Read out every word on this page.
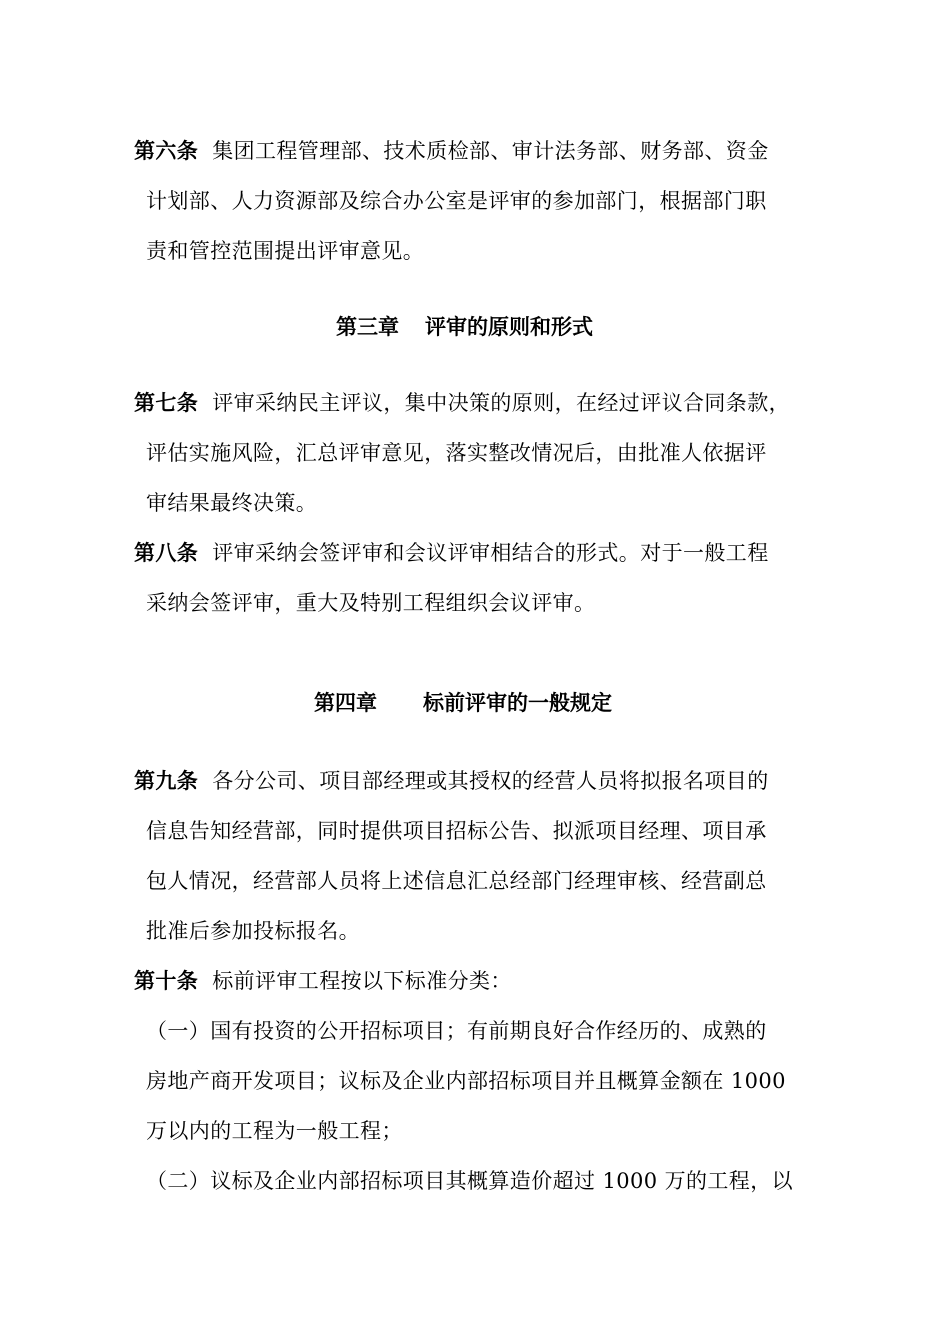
第六条 集团工程管理部、技术质检部、审计法务部、财务部、资金
计划部、人力资源部及综合办公室是评审的参加部门，根据部门职
责和管控范围提出评审意见。
第三章 评审的原则和形式
第七条 评审采纳民主评议，集中决策的原则，在经过评议合同条款，
评估实施风险，汇总评审意见，落实整改情况后，由批准人依据评
审结果最终决策。
第八条 评审采纳会签评审和会议评审相结合的形式。对于一般工程
采纳会签评审，重大及特别工程组织会议评审。
第四章 标前评审的一般规定
第九条 各分公司、项目部经理或其授权的经营人员将拟报名项目的
信息告知经营部，同时提供项目招标公告、拟派项目经理、项目承
包人情况，经营部人员将上述信息汇总经部门经理审核、经营副总
批准后参加投标报名。
第十条 标前评审工程按以下标准分类：
（一）国有投资的公开招标项目；有前期良好合作经历的、成熟的
房地产商开发项目；议标及企业内部招标项目并且概算金额在 1000
万以内的工程为一般工程；
（二）议标及企业内部招标项目其概算造价超过 1000 万的工程，以
